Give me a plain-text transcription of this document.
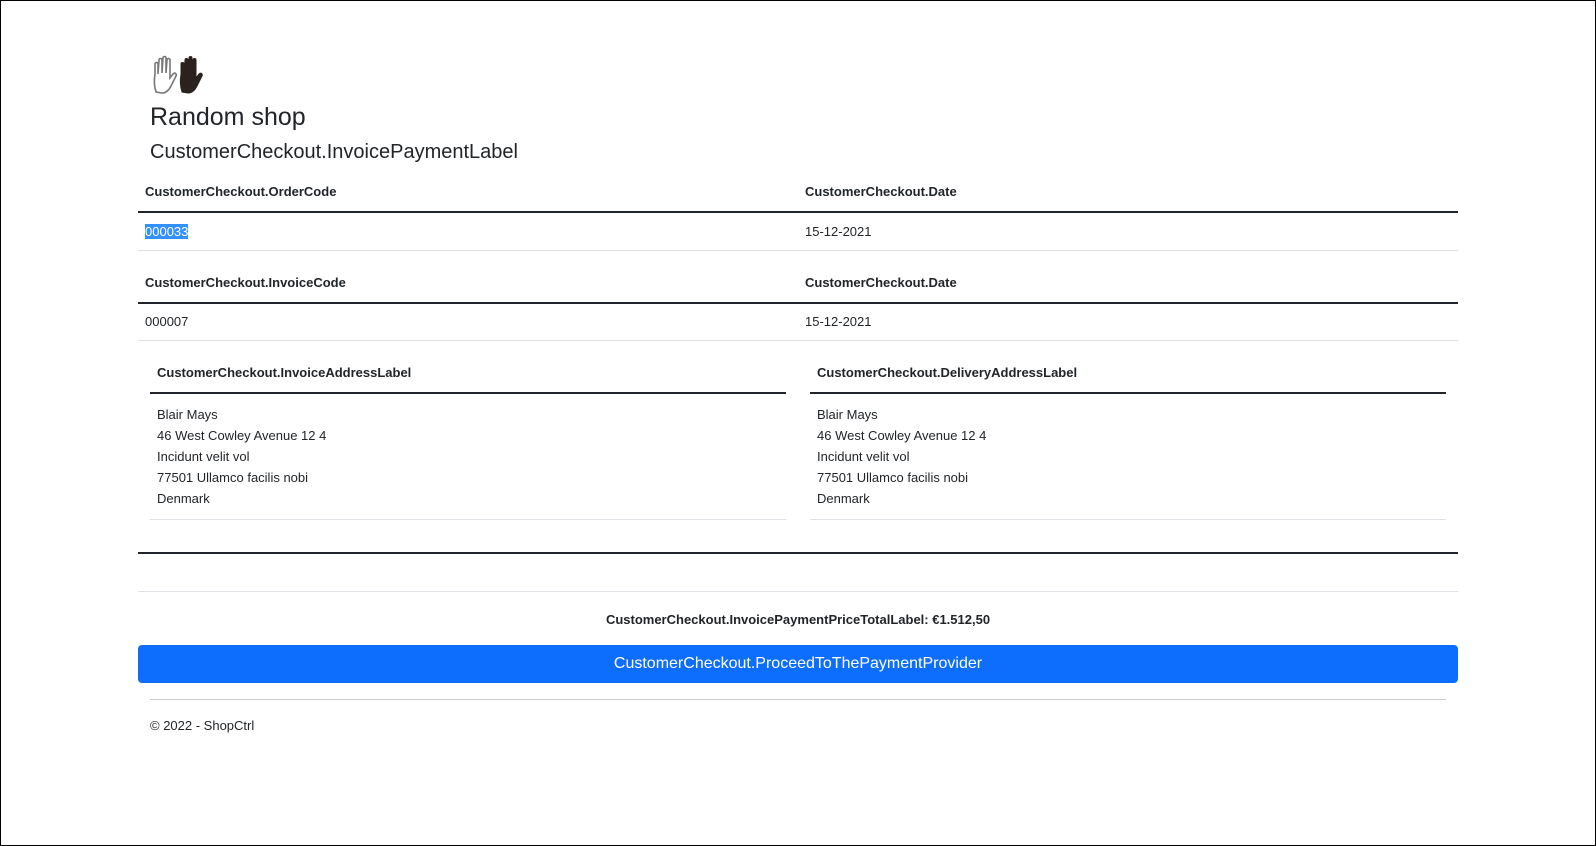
Random shop
CustomerCheckout.InvoicePaymentLabel
CustomerCheckout.OrderCode	CustomerCheckout.Date
000033	15-12-2021
CustomerCheckout.InvoiceCode	CustomerCheckout.Date
000007	15-12-2021
CustomerCheckout.InvoiceAddressLabel

Blair Mays
46 West Cowley Avenue 12 4
Incidunt velit vol
77501 Ullamco facilis nobi
Denmark
CustomerCheckout.DeliveryAddressLabel

Blair Mays
46 West Cowley Avenue 12 4
Incidunt velit vol
77501 Ullamco facilis nobi
Denmark
CustomerCheckout.InvoicePaymentPriceTotalLabel: €1.512,50
CustomerCheckout.ProceedToThePaymentProvider
© 2022 - ShopCtrl
